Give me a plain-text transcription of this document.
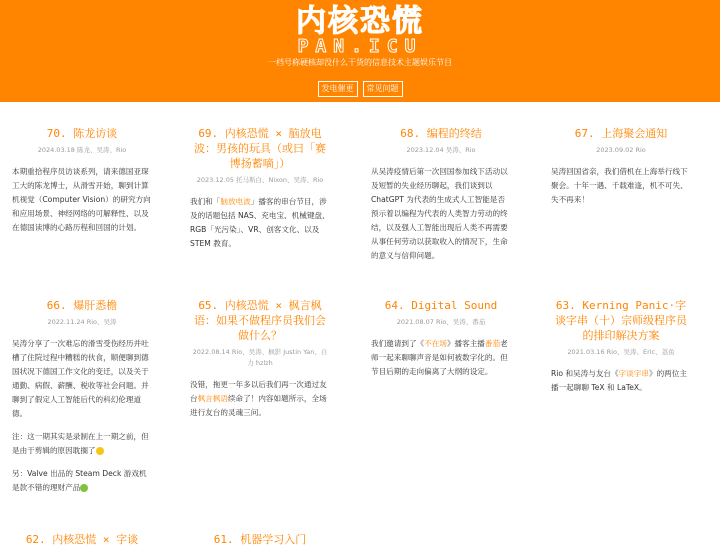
内核恐慌
PAN.ICU
一档号称硬核却没什么干货的信息技术主题娱乐节目
发电催更	常见问题
70. 陈龙访谈
2024.03.18 陈龙、吴涛、Rio

本期重拾程序员访谈系列，请来德国亚琛工大的陈龙博士，从滑雪开始，聊到计算机视觉（Computer Vision）的研究方向和应用场景、神经网络的可解释性、以及在德国读博的心路历程和回国的计划。

69. 内核恐慌 × 脑放电波：男孩的玩具（或曰「赛博扬蓄嘀」）
2023.12.05 托马斯白、Nixon、吴涛、Rio

我们和「脑放电波」播客的串台节目，涉及的话题包括 NAS、充电宝、机械键盘、RGB「光污染」、VR、创客文化、以及 STEM 教育。

68. 编程的终结
2023.12.04 吴涛、Rio

从吴涛疫情后第一次回国参加线下活动以及短暂的失业经历聊起，我们谈到以 ChatGPT 为代表的生成式人工智能是否预示着以编程为代表的人类智力劳动的终结，以及强人工智能出现后人类不再需要从事任何劳动以获取收入的情况下，生命的意义与信仰问题。

67. 上海聚会通知
2023.09.02 Rio

吴涛回国省亲，我们借机在上海举行线下聚会。十年一遇、千载难逢，机不可失、失不再来！

66. 爆肝悉檐
2022.11.24 Rio、吴涛

吴涛分享了一次难忘的滑雪受伤经历并吐槽了住院过程中糟糕的伙食，顺便聊到德国状况下德国工作文化的变迁，以及关于通勤、病假、薪酬、税收等社会问题。并聊到了假定人工智能后代的科幻伦理道德。

注：这一期其实是录制在上一期之前，但是由于剪辑的原因耽搁了

另：Valve 出品的 Steam Deck 游戏机是款不错的理财产品

65. 内核恐慌 × 枫言枫语：如果不做程序员我们会做什么？
2022.08.14 Rio、吴涛、枫影 Justin Yan、自力 hzlzh

没错，拖更一年多以后我们再一次通过友台枫言枫语续命了！内容如题所示，全场进行友台的灵魂三问。

64. Digital Sound
2021.08.07 Rio、吴涛、番茄

我们邀请到了《不在场》播客主播番茄老师一起来聊聊声音是如何被数字化的。但节目后期的走向偏离了大纲的设定。

63. Kerning Panic·字谈字串（十）宗师级程序员的排印解决方案
2021.03.16 Rio、吴涛、Eric、荔鱼

Rio 和吴涛与友台《字谈字串》的两位主播一起聊聊 TeX 和 LaTeX。

62. 内核恐慌 × 字谈	61. 机器学习入门
